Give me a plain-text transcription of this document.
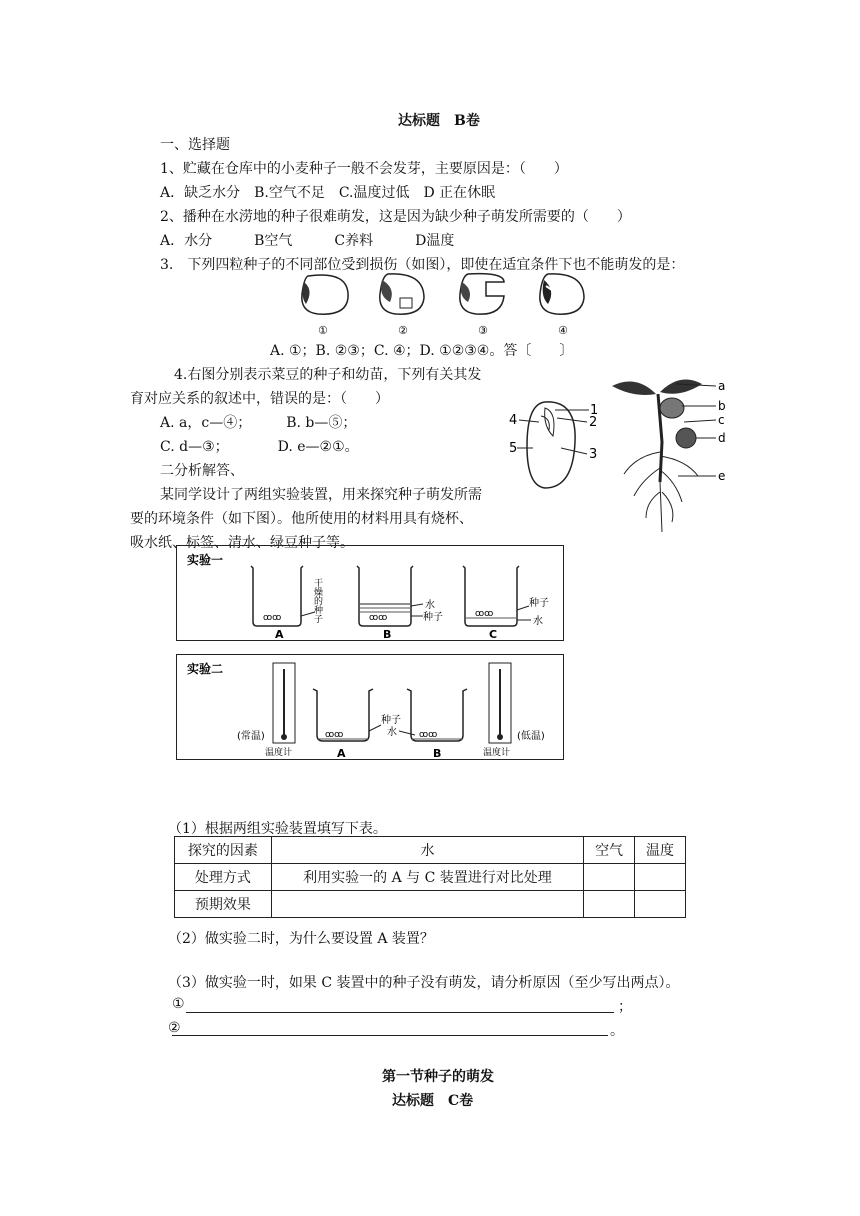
达标题　B卷
一、选择题
1、贮藏在仓库中的小麦种子一般不会发芽，主要原因是：（　　）
A．缺乏水分　B.空气不足　C.温度过低　D 正在休眠
2、播种在水涝地的种子很难萌发，这是因为缺少种子萌发所需要的（　　）
A．水分　　　B空气　　　C养料　　　D温度
3.　下列四粒种子的不同部位受到损伤（如图），即使在适宜条件下也不能萌发的是：
①	②	③	④
A. ①；B. ②③；C. ④；D. ①②③④。答〔　　〕
4.右图分别表示菜豆的种子和幼苗，下列有关其发
育对应关系的叙述中，错误的是：（　　）
A. a，c—④；　　　B. b—⑤；
C. d—③；　　　　D. e—②①。
1
2
3
4
5
a
b
c
d
e
二分析解答、
某同学设计了两组实验装置，用来探究种子萌发所需
要的环境条件（如下图）。他所使用的材料用具有烧杯、
吸水纸、标签、清水、绿豆种子等。
实验一
ꝏꝏ	干燥的种子
A
ꝏꝏ
水
种子
B
ꝏꝏ
种子
水
C
实验二
(常温)
温度计
ꝏꝏ
A
种子
水 ꝏꝏ
B
(低温)
温度计
（1）根据两组实验装置填写下表。
探究的因素	水	空气	温度
处理方式	利用实验一的 A 与 C 装置进行对比处理		
预期效果			
（2）做实验二时，为什么要设置 A 装置？
（3）做实验一时，如果 C 装置中的种子没有萌发，请分析原因（至少写出两点）。
①	；
②	。
第一节种子的萌发
达标题　C卷
